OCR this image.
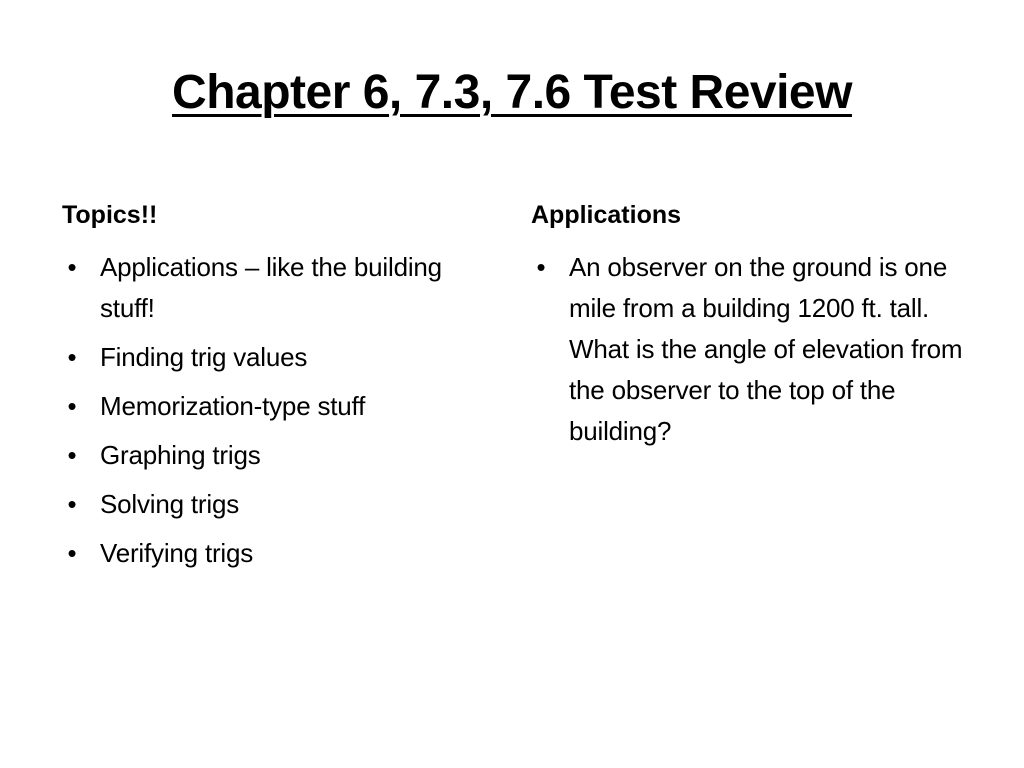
Chapter 6, 7.3, 7.6 Test Review
Topics!!
• Applications – like the building stuff!
• Finding trig values
• Memorization-type stuff
• Graphing trigs
• Solving trigs
• Verifying trigs
Applications
• An observer on the ground is one mile from a building 1200 ft. tall. What is the angle of elevation from the observer to the top of the building?
